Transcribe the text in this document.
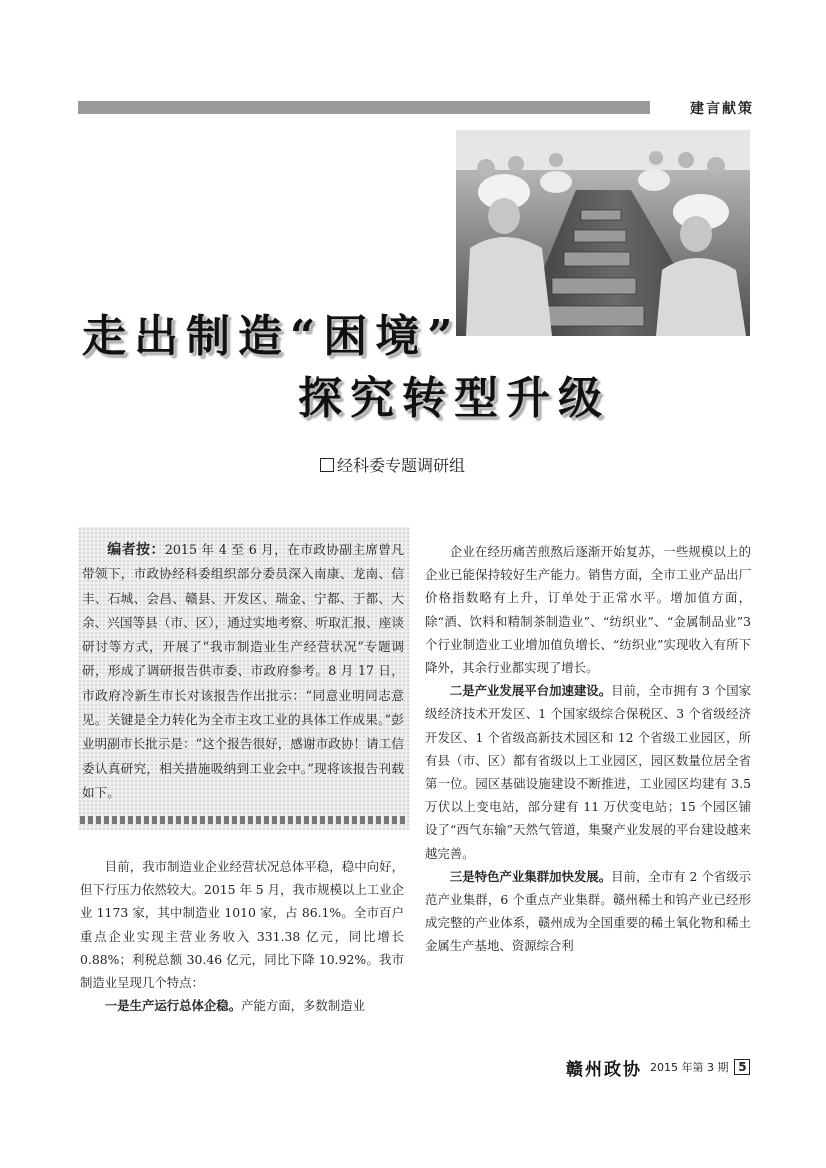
建言献策
走出制造“困境”
探究转型升级
经科委专题调研组

编者按：2015 年 4 至 6 月，在市政协副主席曾凡带领下，市政协经科委组织部分委员深入南康、龙南、信丰、石城、会昌、赣县、开发区、瑞金、宁都、于都、大余、兴国等县（市、区），通过实地考察、听取汇报、座谈研讨等方式，开展了“我市制造业生产经营状况”专题调研，形成了调研报告供市委、市政府参考。8 月 17 日，市政府冷新生市长对该报告作出批示：“同意业明同志意见。关键是全力转化为全市主攻工业的具体工作成果。”彭业明副市长批示是：“这个报告很好，感谢市政协！请工信委认真研究，相关措施吸纳到工业会中。”现将该报告刊载如下。

目前，我市制造业企业经营状况总体平稳，稳中向好，但下行压力依然较大。2015 年 5 月，我市规模以上工业企业 1173 家，其中制造业 1010 家，占 86.1%。全市百户重点企业实现主营业务收入 331.38 亿元，同比增长 0.88%；利税总额 30.46 亿元，同比下降 10.92%。我市制造业呈现几个特点：

一是生产运行总体企稳。产能方面，多数制造业

企业在经历痛苦煎熬后逐渐开始复苏，一些规模以上的企业已能保持较好生产能力。销售方面，全市工业产品出厂价格指数略有上升，订单处于正常水平。增加值方面，除“酒、饮料和精制茶制造业”、“纺织业”、“金属制品业”3 个行业制造业工业增加值负增长、“纺织业”实现收入有所下降外，其余行业都实现了增长。

二是产业发展平台加速建设。目前，全市拥有 3 个国家级经济技术开发区、1 个国家级综合保税区、3 个省级经济开发区、1 个省级高新技术园区和 12 个省级工业园区，所有县（市、区）都有省级以上工业园区，园区数量位居全省第一位。园区基础设施建设不断推进，工业园区均建有 3.5 万伏以上变电站，部分建有 11 万伏变电站；15 个园区铺设了“西气东输”天然气管道，集聚产业发展的平台建设越来越完善。

三是特色产业集群加快发展。目前，全市有 2 个省级示范产业集群，6 个重点产业集群。赣州稀土和钨产业已经形成完整的产业体系，赣州成为全国重要的稀土氧化物和稀土金属生产基地、资源综合利

赣州政协 2015 年第 3 期 5
